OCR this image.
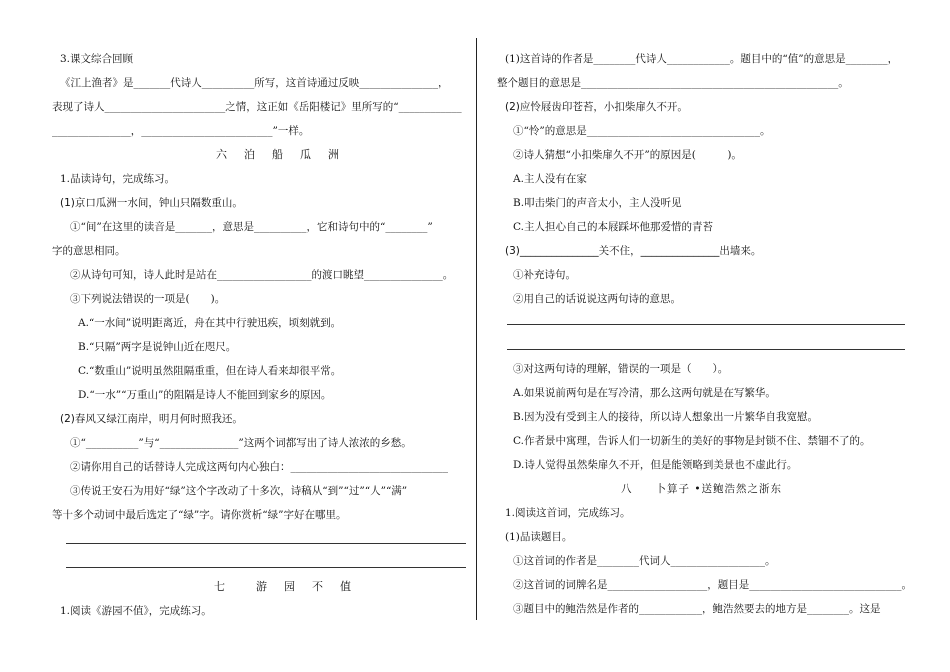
3.课文综合回顾
《江上渔者》是_______代诗人__________所写，这首诗通过反映_______________，
表现了诗人_______________________之情，这正如《岳阳楼记》里所写的“____________
_______________，_________________________”一样。
六　泊　船　瓜　洲
1.品读诗句，完成练习。
(1)京口瓜洲一水间，钟山只隔数重山。
①“间”在这里的读音是_______，意思是__________，它和诗句中的“________”
字的意思相同。
②从诗句可知，诗人此时是站在__________________的渡口眺望_______________。
③下列说法错误的一项是(　　)。
A.“一水间”说明距离近，舟在其中行驶迅疾，顷刻就到。
B.“只隔”两字是说钟山近在咫尺。
C.“数重山”说明虽然阻隔重重，但在诗人看来却很平常。
D.“一水”“万重山”的阻隔是诗人不能回到家乡的原因。
(2)春风又绿江南岸，明月何时照我还。
①“__________”与“_______________”这两个词都写出了诗人浓浓的乡愁。
②请你用自己的话替诗人完成这两句内心独白：______________________________
③传说王安石为用好“绿”这个字改动了十多次，诗稿从“到”“过”“人”“满”
等十多个动词中最后选定了“绿”字。请你赏析“绿”字好在哪里。
七　　游　园　不　值
1.阅读《游园不值》，完成练习。
(1)这首诗的作者是________代诗人____________。题目中的“值”的意思是________，
整个题目的意思是_________________________________________________。
(2)应怜屐齿印苍苔，小扣柴扉久不开。
①“怜”的意思是_________________________________。
②诗人猜想“小扣柴扉久不开”的原因是(　　　)。
A.主人没有在家
B.叩击柴门的声音太小，主人没听见
C.主人担心自己的本屐踩坏他那爱惜的青苔
(3)_______________关不住，_______________出墙来。
①补充诗句。
②用自己的话说说这两句诗的意思。
③对这两句诗的理解，错误的一项是（　　）。
A.如果说前两句是在写冷清，那么这两句就是在写繁华。
B.因为没有受到主人的接待，所以诗人想象出一片繁华自我宽慰。
C.作者景中寓理，告诉人们一切新生的美好的事物是封锁不住、禁锢不了的。
D.诗人觉得虽然柴扉久不开，但是能领略到美景也不虚此行。
八　　卜算子 •送鲍浩然之浙东
1.阅读这首词，完成练习。
(1)品读题目。
①这首词的作者是________代词人__________________。
②这首词的词牌名是___________________，题目是_____________________________。
③题目中的鲍浩然是作者的____________，鲍浩然要去的地方是________。这是
